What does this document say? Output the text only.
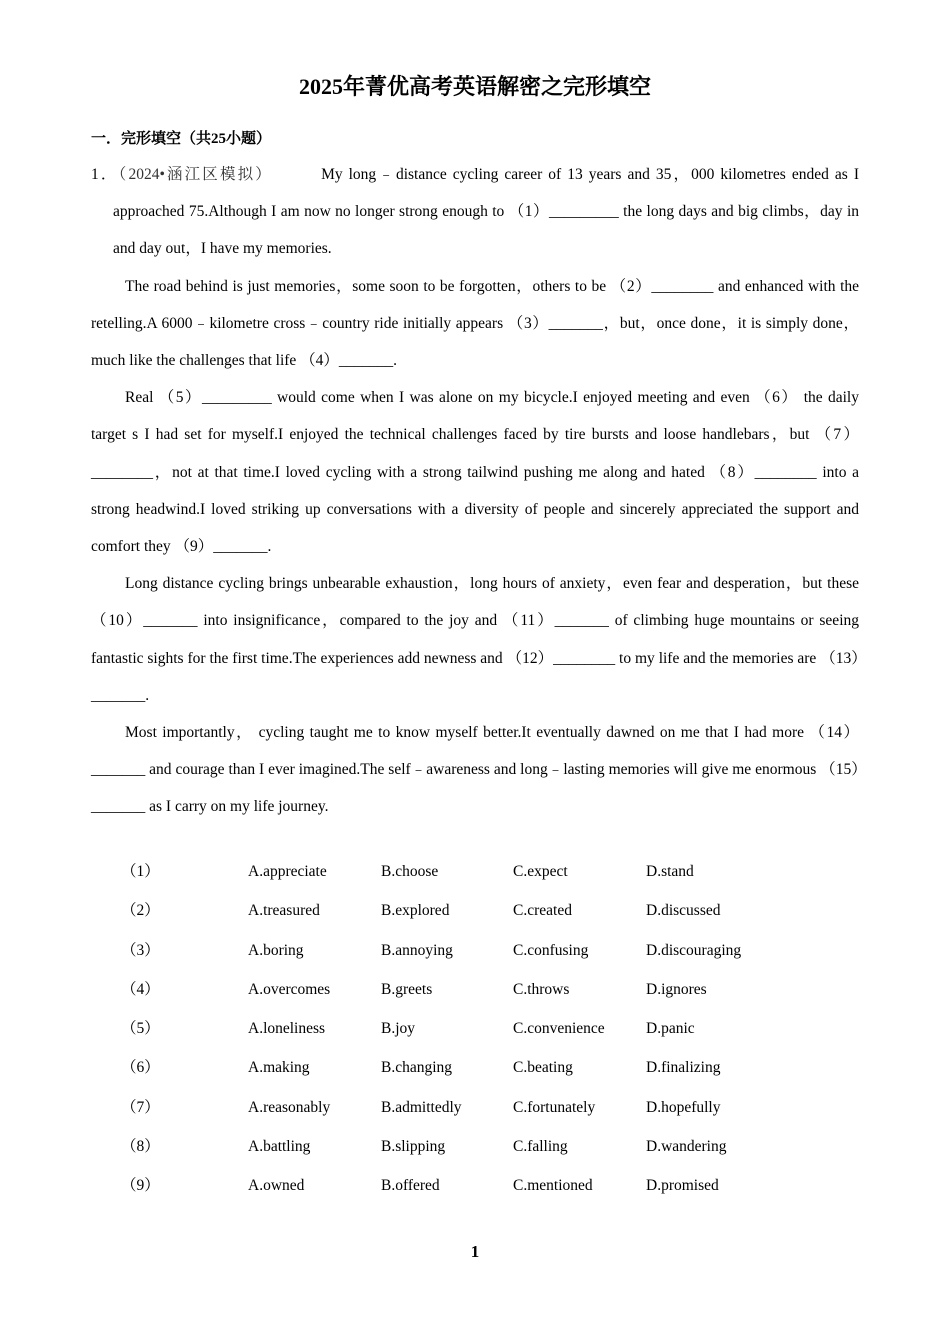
2025年菁优高考英语解密之完形填空
一．完形填空（共25小题）

1．（2024•涵江区模拟）	My long﹣distance cycling career of 13 years and 35，000 kilometres ended as I approached 75.Although I am now no longer strong enough to （1）_________ the long days and big climbs，day in and day out，I have my memories.

The road behind is just memories，some soon to be forgotten，others to be （2）________ and enhanced with the retelling.A 6000﹣kilometre cross﹣country ride initially appears （3）_______，but，once done，it is simply done，much like the challenges that life （4）_______.

Real （5）_________ would come when I was alone on my bicycle.I enjoyed meeting and even （6） the daily target s I had set for myself.I enjoyed the technical challenges faced by tire bursts and loose handlebars，but （7）________，not at that time.I loved cycling with a strong tailwind pushing me along and hated （8）________ into a strong headwind.I loved striking up conversations with a diversity of people and sincerely appreciated the support and comfort they （9）_______.

Long distance cycling brings unbearable exhaustion，long hours of anxiety，even fear and desperation，but these （10）_______ into insignificance，compared to the joy and （11）_______ of climbing huge mountains or seeing fantastic sights for the first time.The experiences add newness and （12）________ to my life and the memories are （13）_______.

Most importantly， cycling taught me to know myself better.It eventually dawned on me that I had more （14）_______ and courage than I ever imagined.The self﹣awareness and long﹣lasting memories will give me enormous （15）_______ as I carry on my life journey.

（1）	A.appreciate	B.choose	C.expect	D.stand
（2）	A.treasured	B.explored	C.created	D.discussed
（3）	A.boring	B.annoying	C.confusing	D.discouraging
（4）	A.overcomes	B.greets	C.throws	D.ignores
（5）	A.loneliness	B.joy	C.convenience	D.panic
（6）	A.making	B.changing	C.beating	D.finalizing
（7）	A.reasonably	B.admittedly	C.fortunately	D.hopefully
（8）	A.battling	B.slipping	C.falling	D.wandering
（9）	A.owned	B.offered	C.mentioned	D.promised
1
